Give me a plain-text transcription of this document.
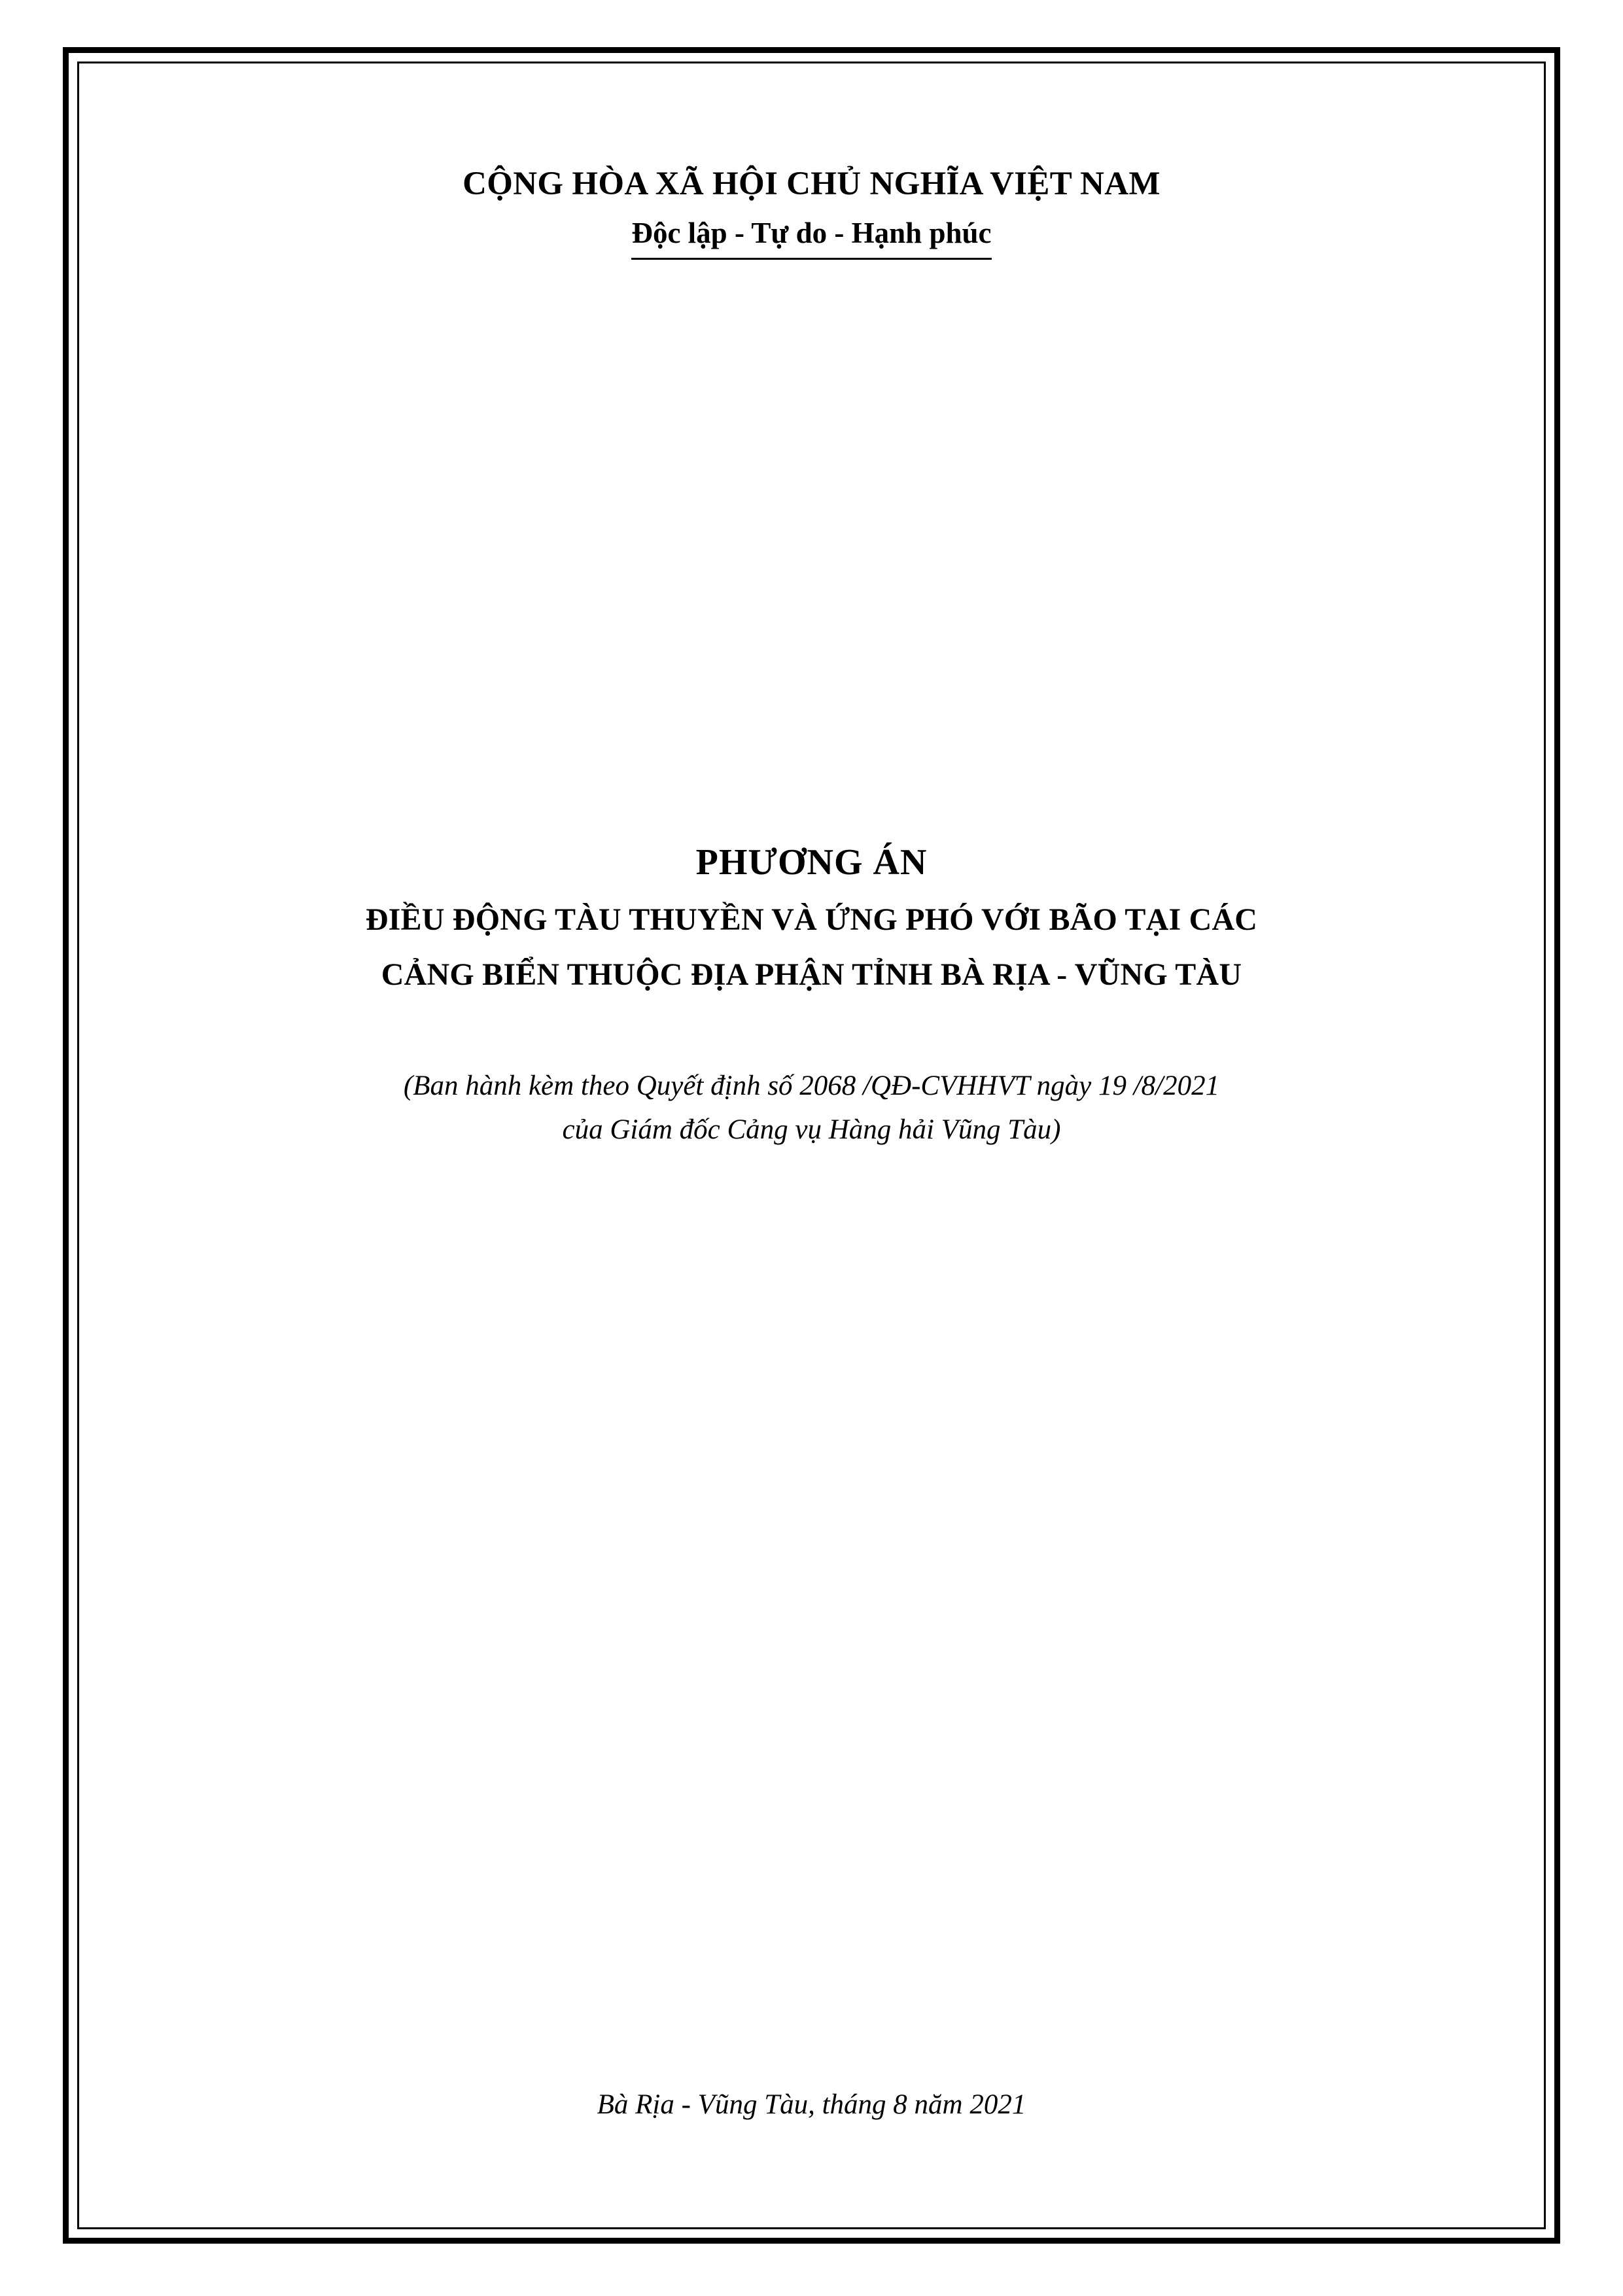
CỘNG HÒA XÃ HỘI CHỦ NGHĨA VIỆT NAM
Độc lập - Tự do - Hạnh phúc
PHƯƠNG ÁN
ĐIỀU ĐỘNG TÀU THUYỀN VÀ ỨNG PHÓ VỚI BÃO TẠI CÁC
CẢNG BIỂN THUỘC ĐỊA PHẬN TỈNH BÀ RỊA - VŨNG TÀU
(Ban hành kèm theo Quyết định số 2068 /QĐ-CVHHVT ngày 19 /8/2021
của Giám đốc Cảng vụ Hàng hải Vũng Tàu)
Bà Rịa - Vũng Tàu, tháng 8 năm 2021
